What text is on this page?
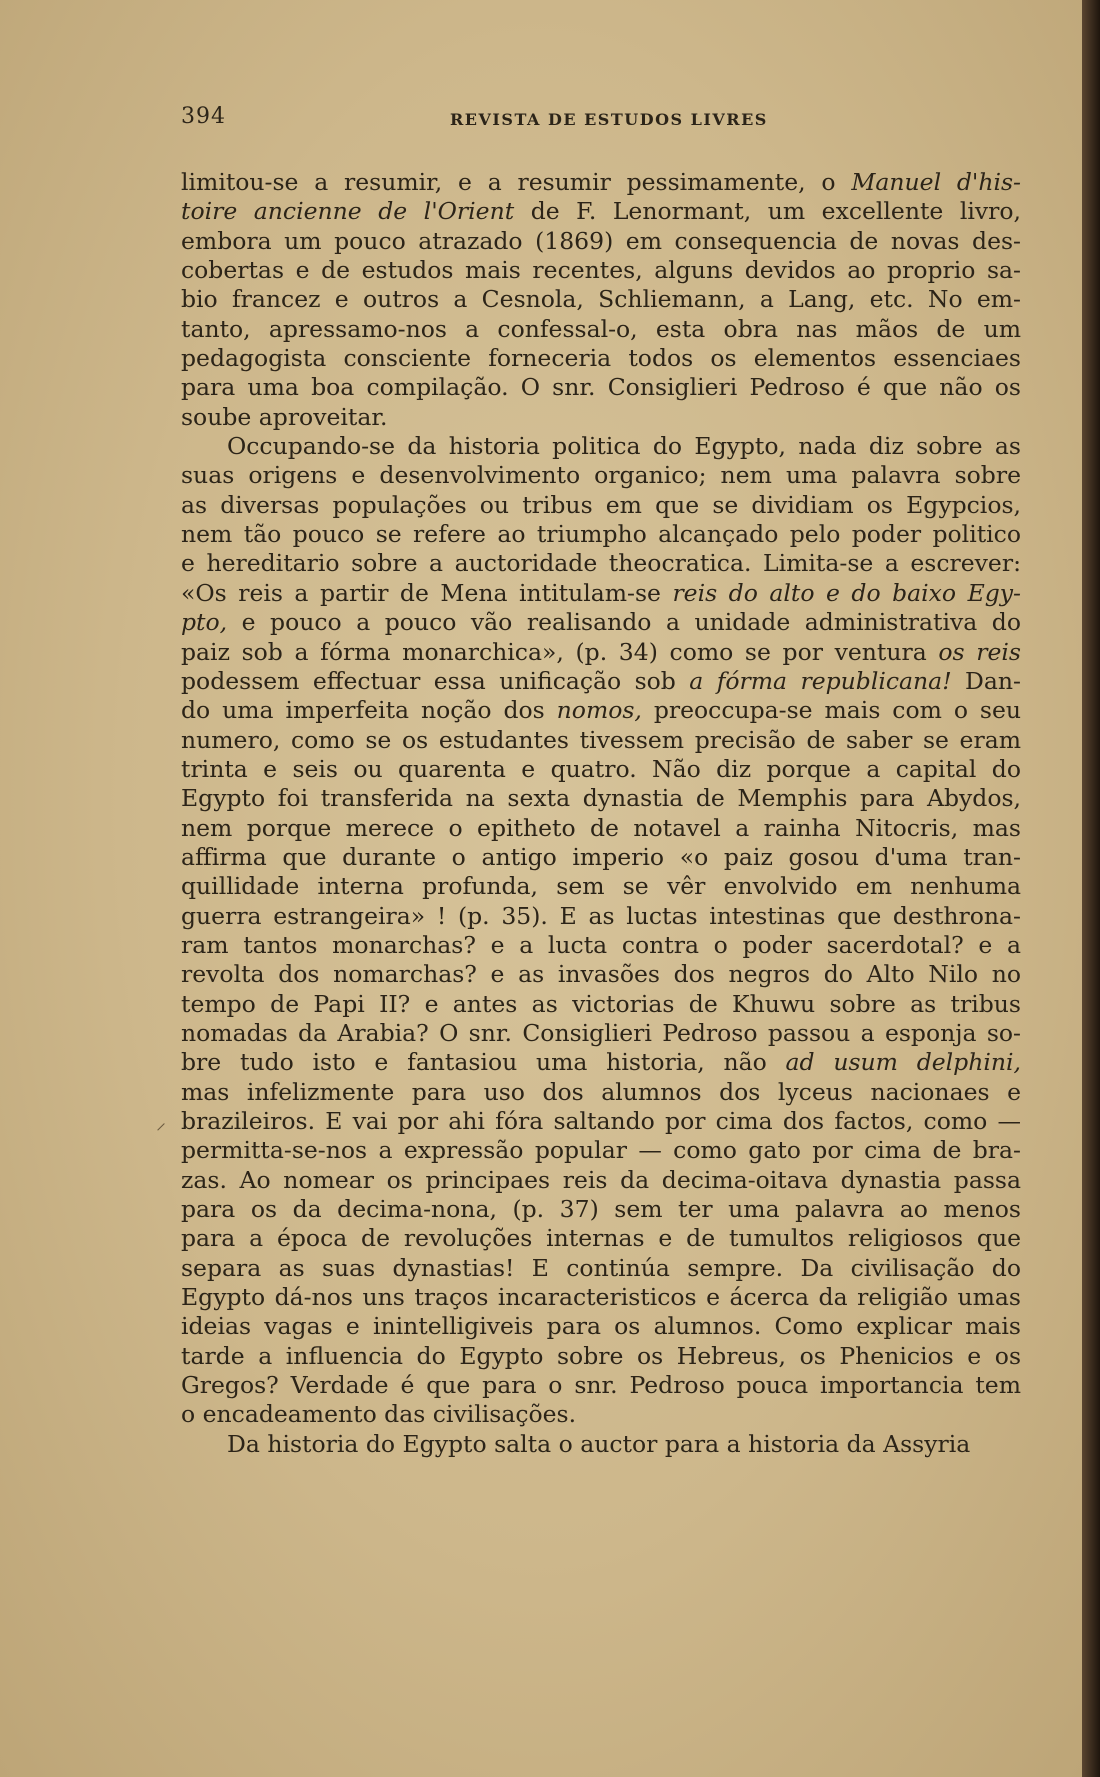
394	REVISTA DE ESTUDOS LIVRES
⸝
limitou-se a resumir, e a resumir pessimamente, o Manuel d'his-
toire ancienne de l'Orient de F. Lenormant, um excellente livro,
embora um pouco atrazado (1869) em consequencia de novas des-
cobertas e de estudos mais recentes, alguns devidos ao proprio sa-
bio francez e outros a Cesnola, Schliemann, a Lang, etc. No em-
tanto, apressamo-nos a confessal-o, esta obra nas mãos de um
pedagogista consciente forneceria todos os elementos essenciaes
para uma boa compilação. O snr. Consiglieri Pedroso é que não os
soube aproveitar.
Occupando-se da historia politica do Egypto, nada diz sobre as
suas origens e desenvolvimento organico; nem uma palavra sobre
as diversas populações ou tribus em que se dividiam os Egypcios,
nem tão pouco se refere ao triumpho alcançado pelo poder politico
e hereditario sobre a auctoridade theocratica. Limita-se a escrever:
«Os reis a partir de Mena intitulam-se reis do alto e do baixo Egy-
pto, e pouco a pouco vão realisando a unidade administrativa do
paiz sob a fórma monarchica», (p. 34) como se por ventura os reis
podessem effectuar essa unificação sob a fórma republicana! Dan-
do uma imperfeita noção dos nomos, preoccupa-se mais com o seu
numero, como se os estudantes tivessem precisão de saber se eram
trinta e seis ou quarenta e quatro. Não diz porque a capital do
Egypto foi transferida na sexta dynastia de Memphis para Abydos,
nem porque merece o epitheto de notavel a rainha Nitocris, mas
affirma que durante o antigo imperio «o paiz gosou d'uma tran-
quillidade interna profunda, sem se vêr envolvido em nenhuma
guerra estrangeira» ! (p. 35). E as luctas intestinas que desthrona-
ram tantos monarchas? e a lucta contra o poder sacerdotal? e a
revolta dos nomarchas? e as invasões dos negros do Alto Nilo no
tempo de Papi II? e antes as victorias de Khuwu sobre as tribus
nomadas da Arabia? O snr. Consiglieri Pedroso passou a esponja so-
bre tudo isto e fantasiou uma historia, não ad usum delphini,
mas infelizmente para uso dos alumnos dos lyceus nacionaes e
brazileiros. E vai por ahi fóra saltando por cima dos factos, como —
permitta-se-nos a expressão popular — como gato por cima de bra-
zas. Ao nomear os principaes reis da decima-oitava dynastia passa
para os da decima-nona, (p. 37) sem ter uma palavra ao menos
para a época de revoluções internas e de tumultos religiosos que
separa as suas dynastias! E continúa sempre. Da civilisação do
Egypto dá-nos uns traços incaracteristicos e ácerca da religião umas
ideias vagas e inintelligiveis para os alumnos. Como explicar mais
tarde a influencia do Egypto sobre os Hebreus, os Phenicios e os
Gregos? Verdade é que para o snr. Pedroso pouca importancia tem
o encadeamento das civilisações.
Da historia do Egypto salta o auctor para a historia da Assyria
